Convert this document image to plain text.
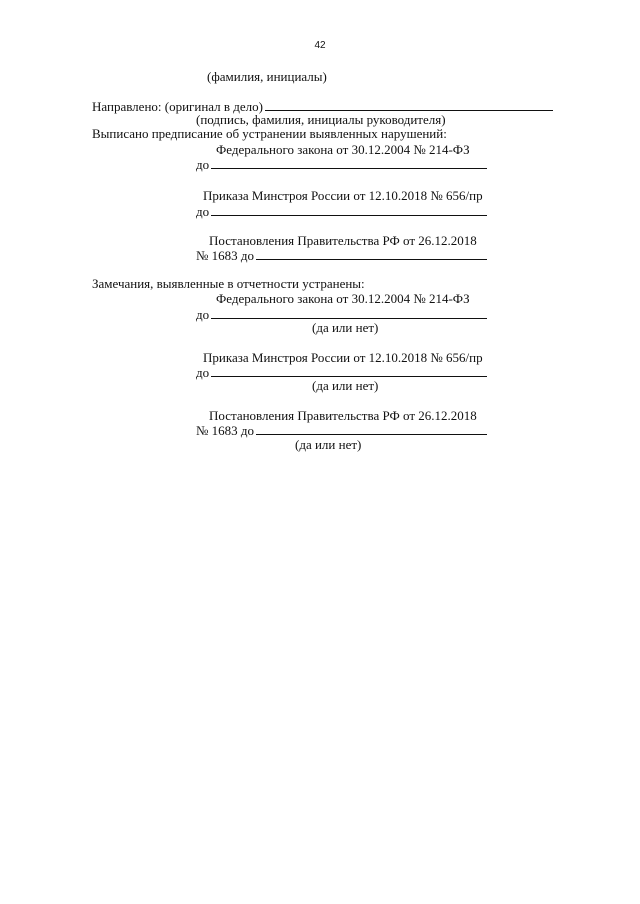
42
(фамилия, инициалы)
Направлено: (оригинал в дело)
(подпись, фамилия, инициалы руководителя)
Выписано предписание об устранении выявленных нарушений:
Федерального закона от 30.12.2004 № 214-ФЗ
до
Приказа Минстроя России от 12.10.2018 № 656/пр
до
Постановления Правительства РФ от 26.12.2018
№ 1683 до
Замечания, выявленные в отчетности устранены:
Федерального закона от 30.12.2004 № 214-ФЗ
до
(да или нет)
Приказа Минстроя России от 12.10.2018 № 656/пр
до
(да или нет)
Постановления Правительства РФ от 26.12.2018
№ 1683 до
(да или нет)
